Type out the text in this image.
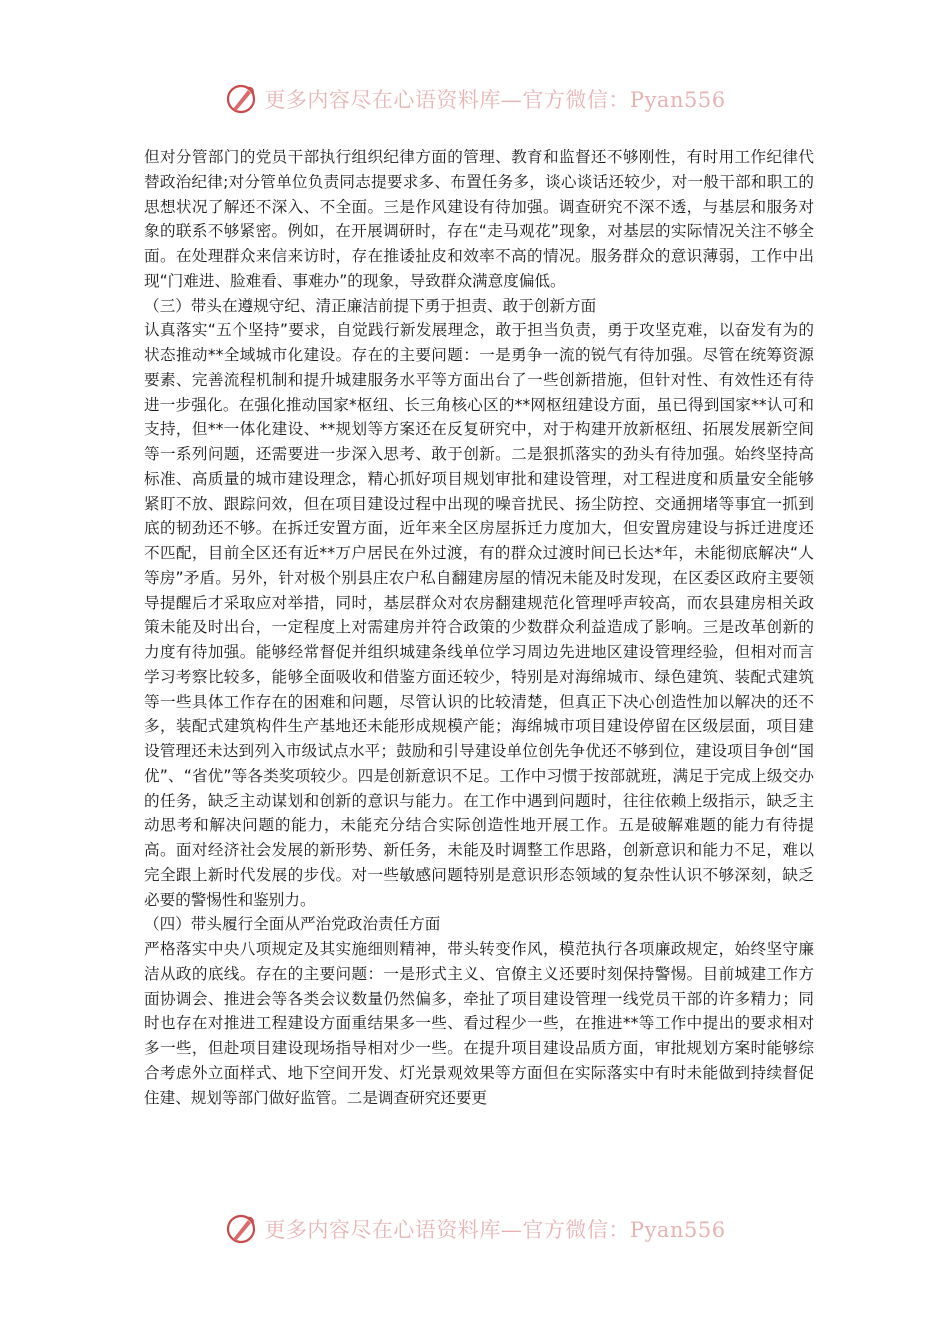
更多内容尽在心语资料库—官方微信：Pyan556

但对分管部门的党员干部执行组织纪律方面的管理、教育和监督还不够刚性，有时用工作纪律代替政治纪律;对分管单位负责同志提要求多、布置任务多，谈心谈话还较少，对一般干部和职工的思想状况了解还不深入、不全面。三是作风建设有待加强。调查研究不深不透，与基层和服务对象的联系不够紧密。例如，在开展调研时，存在“走马观花”现象，对基层的实际情况关注不够全面。在处理群众来信来访时，存在推诿扯皮和效率不高的情况。服务群众的意识薄弱，工作中出现“门难进、脸难看、事难办”的现象，导致群众满意度偏低。

（三）带头在遵规守纪、清正廉洁前提下勇于担责、敢于创新方面

认真落实“五个坚持”要求，自觉践行新发展理念，敢于担当负责，勇于攻坚克难，以奋发有为的状态推动**全域城市化建设。存在的主要问题：一是勇争一流的锐气有待加强。尽管在统筹资源要素、完善流程机制和提升城建服务水平等方面出台了一些创新措施，但针对性、有效性还有待进一步强化。在强化推动国家*枢纽、长三角核心区的**网枢纽建设方面，虽已得到国家**认可和支持，但**一体化建设、**规划等方案还在反复研究中，对于构建开放新枢纽、拓展发展新空间等一系列问题，还需要进一步深入思考、敢于创新。二是狠抓落实的劲头有待加强。始终坚持高标准、高质量的城市建设理念，精心抓好项目规划审批和建设管理，对工程进度和质量安全能够紧盯不放、跟踪问效，但在项目建设过程中出现的噪音扰民、扬尘防控、交通拥堵等事宜一抓到底的韧劲还不够。在拆迁安置方面，近年来全区房屋拆迁力度加大，但安置房建设与拆迁进度还不匹配，目前全区还有近**万户居民在外过渡，有的群众过渡时间已长达*年，未能彻底解决“人等房”矛盾。另外，针对极个别县庄农户私自翻建房屋的情况未能及时发现，在区委区政府主要领导提醒后才采取应对举措，同时，基层群众对农房翻建规范化管理呼声较高，而农县建房相关政策未能及时出台，一定程度上对需建房并符合政策的少数群众利益造成了影响。三是改革创新的力度有待加强。能够经常督促并组织城建条线单位学习周边先进地区建设管理经验，但相对而言学习考察比较多，能够全面吸收和借鉴方面还较少，特别是对海绵城市、绿色建筑、装配式建筑等一些具体工作存在的困难和问题，尽管认识的比较清楚，但真正下决心创造性加以解决的还不多，装配式建筑构件生产基地还未能形成规模产能；海绵城市项目建设停留在区级层面，项目建设管理还未达到列入市级试点水平；鼓励和引导建设单位创先争优还不够到位，建设项目争创“国优”、“省优”等各类奖项较少。四是创新意识不足。工作中习惯于按部就班，满足于完成上级交办的任务，缺乏主动谋划和创新的意识与能力。在工作中遇到问题时，往往依赖上级指示，缺乏主动思考和解决问题的能力，未能充分结合实际创造性地开展工作。五是破解难题的能力有待提高。面对经济社会发展的新形势、新任务，未能及时调整工作思路，创新意识和能力不足，难以完全跟上新时代发展的步伐。对一些敏感问题特别是意识形态领域的复杂性认识不够深刻，缺乏必要的警惕性和鉴别力。

（四）带头履行全面从严治党政治责任方面

严格落实中央八项规定及其实施细则精神，带头转变作风，模范执行各项廉政规定，始终坚守廉洁从政的底线。存在的主要问题：一是形式主义、官僚主义还要时刻保持警惕。目前城建工作方面协调会、推进会等各类会议数量仍然偏多，牵扯了项目建设管理一线党员干部的许多精力；同时也存在对推进工程建设方面重结果多一些、看过程少一些，在推进**等工作中提出的要求相对多一些，但赴项目建设现场指导相对少一些。在提升项目建设品质方面，审批规划方案时能够综合考虑外立面样式、地下空间开发、灯光景观效果等方面但在实际落实中有时未能做到持续督促住建、规划等部门做好监管。二是调查研究还要更

更多内容尽在心语资料库—官方微信：Pyan556
